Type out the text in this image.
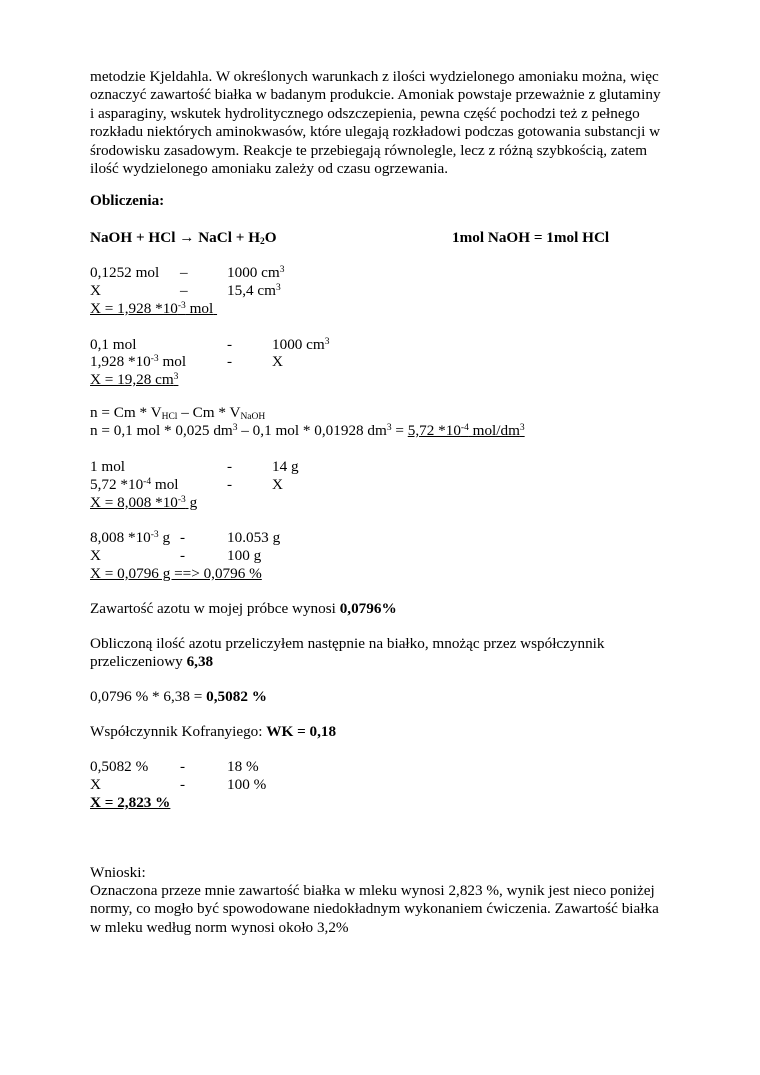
metodzie Kjeldahla. W określonych warunkach z ilości wydzielonego amoniaku można, więc
oznaczyć zawartość białka w badanym produkcie. Amoniak powstaje przeważnie z glutaminy
i asparaginy, wskutek hydrolitycznego odszczepienia, pewna część pochodzi też z pełnego
rozkładu niektórych aminokwasów, które ulegają rozkładowi podczas gotowania substancji w
środowisku zasadowym. Reakcje te przebiegają równolegle, lecz z różną szybkością, zatem
ilość wydzielonego amoniaku zależy od czasu ogrzewania.
Obliczenia:
NaOH + HCl → NaCl + $H_2O$	1mol NaOH = 1mol HCl
0,1252 mol –	1000 $cm^3$
X	–	15,4 $cm^3$
X = 1,928 $*10^{-3}$ mol
0,1 mol	-	1000 $cm^3$
1,928 $*10^{-3}$ mol	-	X
X = 19,28 $cm^3$
$n = Cm * V_{HCl} - Cm * V_{NaOH}$
n = 0,1 mol * 0,025 $dm^3 - 0,1$ mol * 0,01928 $dm^3 = 5,72$ $*10^{-4}$ mol/$dm^3$
1 mol	-	14 g
5,72 $*10^{-4}$ mol	-	X
X = 8,008 $*10^{-3}$ g
8,008 $*10^{-3}$ g -	10.053 g
X	-	100 g
X = 0,0796 g ==> 0,0796 %
Zawartość azotu w mojej próbce wynosi 0,0796%
Obliczoną ilość azotu przeliczyłem następnie na białko, mnożąc przez współczynnik
przeliczeniowy 6,38
0,0796 % * 6,38 = 0,5082 %
Współczynnik Kofranyiego: WK = 0,18
0,5082 % -	18 %
X	-	100 %
X = 2,823 %
Wnioski:
Oznaczona przeze mnie zawartość białka w mleku wynosi 2,823 %, wynik jest nieco poniżej
normy, co mogło być spowodowane niedokładnym wykonaniem ćwiczenia. Zawartość białka
w mleku według norm wynosi około 3,2%
